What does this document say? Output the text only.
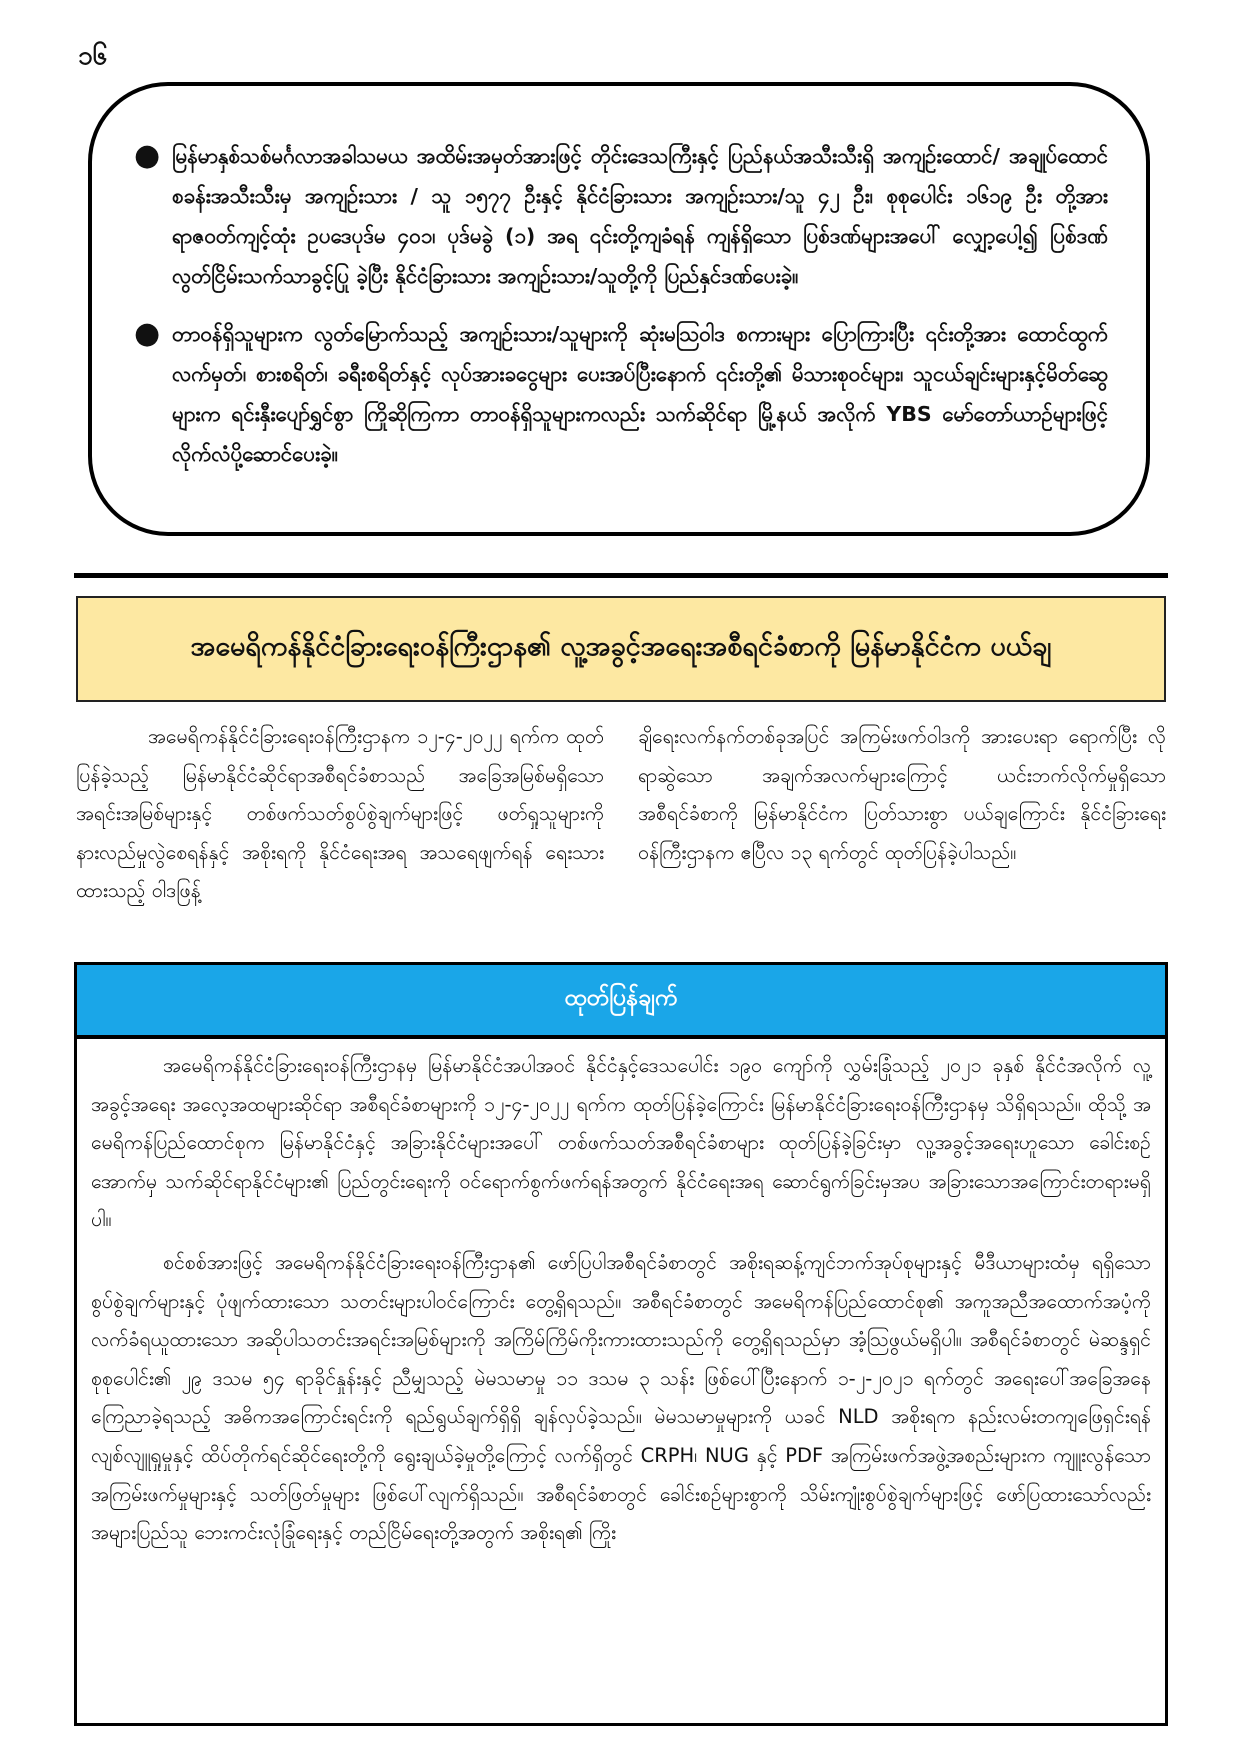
၁၆
● မြန်မာနှစ်သစ်မင်္ဂလာအခါသမယ အထိမ်းအမှတ်အားဖြင့် တိုင်းဒေသကြီးနှင့် ပြည်နယ်အသီးသီးရှိ အကျဉ်းထောင်/ အချုပ်ထောင် စခန်းအသီးသီးမှ အကျဉ်းသား / သူ ၁၅၇၇ ဦးနှင့် နိုင်ငံခြားသား အကျဉ်းသား/သူ ၄၂ ဦး၊ စုစုပေါင်း ၁၆၁၉ ဦး တို့အား ရာဇဝတ်ကျင့်ထုံး ဥပဒေပုဒ်မ ၄၀၁၊ ပုဒ်မခွဲ (၁) အရ ၎င်းတို့ကျခံရန် ကျန်ရှိသော ပြစ်ဒဏ်များအပေါ် လျှော့ပေါ့၍ ပြစ်ဒဏ်လွတ်ငြိမ်းသက်သာခွင့်ပြု ခဲ့ပြီး နိုင်ငံခြားသား အကျဉ်းသား/သူတို့ကို ပြည်နှင်ဒဏ်ပေးခဲ့။
● တာဝန်ရှိသူများက လွတ်မြောက်သည့် အကျဉ်းသား/သူများကို ဆုံးမသြဝါဒ စကားများ ပြောကြားပြီး ၎င်းတို့အား ထောင်ထွက်လက်မှတ်၊ စားစရိတ်၊ ခရီးစရိတ်နှင့် လုပ်အားခငွေများ ပေးအပ်ပြီးနောက် ၎င်းတို့၏ မိသားစုဝင်များ၊ သူငယ်ချင်းများနှင့်မိတ်ဆွေများက ရင်းနှီးပျော်ရွှင်စွာ ကြိုဆိုကြကာ တာဝန်ရှိသူများကလည်း သက်ဆိုင်ရာ မြို့နယ် အလိုက် YBS မော်တော်ယာဉ်များဖြင့် လိုက်လံပို့ဆောင်ပေးခဲ့။
အမေရိကန်နိုင်ငံခြားရေးဝန်ကြီးဌာန၏ လူ့အခွင့်အရေးအစီရင်ခံစာကို မြန်မာနိုင်ငံက ပယ်ချ
အမေရိကန်နိုင်ငံခြားရေးဝန်ကြီးဌာနက ၁၂-၄-၂၀၂၂ ရက်က ထုတ်ပြန်ခဲ့သည့် မြန်မာနိုင်ငံဆိုင်ရာအစီရင်ခံစာသည် အခြေအမြစ်မရှိသော အရင်းအမြစ်များနှင့် တစ်ဖက်သတ်စွပ်စွဲချက်များဖြင့် ဖတ်ရှုသူများကို နားလည်မှုလွဲစေရန်နှင့် အစိုးရကို နိုင်ငံရေးအရ အသရေဖျက်ရန် ရေးသားထားသည့် ဝါဒဖြန့်
ချိရေးလက်နက်တစ်ခုအပြင် အကြမ်းဖက်ဝါဒကို အားပေးရာ ရောက်ပြီး လိုရာဆွဲသော အချက်အလက်များကြောင့် ယင်းဘက်လိုက်မှုရှိသော အစီရင်ခံစာကို မြန်မာနိုင်ငံက ပြတ်သားစွာ ပယ်ချကြောင်း နိုင်ငံခြားရေးဝန်ကြီးဌာနက ဧပြီလ ၁၃ ရက်တွင် ထုတ်ပြန်ခဲ့ပါသည်။
ထုတ်ပြန်ချက်

အမေရိကန်နိုင်ငံခြားရေးဝန်ကြီးဌာနမှ မြန်မာနိုင်ငံအပါအဝင် နိုင်ငံနှင့်ဒေသပေါင်း ၁၉၀ ကျော်ကို လွှမ်းခြုံသည့် ၂၀၂၁ ခုနှစ် နိုင်ငံအလိုက် လူ့အခွင့်အရေး အလေ့အထများဆိုင်ရာ အစီရင်ခံစာများကို ၁၂-၄-၂၀၂၂ ရက်က ထုတ်ပြန်ခဲ့ကြောင်း မြန်မာနိုင်ငံခြားရေးဝန်ကြီးဌာနမှ သိရှိရသည်။ ထိုသို့ အမေရိကန်ပြည်ထောင်စုက မြန်မာနိုင်ငံနှင့် အခြားနိုင်ငံများအပေါ် တစ်ဖက်သတ်အစီရင်ခံစာများ ထုတ်ပြန်ခဲ့ခြင်းမှာ လူ့အခွင့်အရေးဟူသော ခေါင်းစဉ်အောက်မှ သက်ဆိုင်ရာနိုင်ငံများ၏ ပြည်တွင်းရေးကို ဝင်ရောက်စွက်ဖက်ရန်အတွက် နိုင်ငံရေးအရ ဆောင်ရွက်ခြင်းမှအပ အခြားသောအကြောင်းတရားမရှိပါ။

စင်စစ်အားဖြင့် အမေရိကန်နိုင်ငံခြားရေးဝန်ကြီးဌာန၏ ဖော်ပြပါအစီရင်ခံစာတွင် အစိုးရဆန့်ကျင်ဘက်အုပ်စုများနှင့် မီဒီယာများထံမှ ရရှိသော စွပ်စွဲချက်များနှင့် ပုံဖျက်ထားသော သတင်းများပါဝင်ကြောင်း တွေ့ရှိရသည်။ အစီရင်ခံစာတွင် အမေရိကန်ပြည်ထောင်စု၏ အကူအညီအထောက်အပံ့ကို လက်ခံရယူထားသော အဆိုပါသတင်းအရင်းအမြစ်များကို အကြိမ်ကြိမ်ကိုးကားထားသည်ကို တွေ့ရှိရသည်မှာ အံ့သြဖွယ်မရှိပါ။ အစီရင်ခံစာတွင် မဲဆန္ဒရှင်စုစုပေါင်း၏ ၂၉ ဒသမ ၅၄ ရာခိုင်နှုန်းနှင့် ညီမျှသည့် မဲမသမာမှု ၁၁ ဒသမ ၃ သန်း ဖြစ်ပေါ်ပြီးနောက် ၁-၂-၂၀၂၁ ရက်တွင် အရေးပေါ်အခြေအနေကြေညာခဲ့ရသည့် အဓိကအကြောင်းရင်းကို ရည်ရွယ်ချက်ရှိရှိ ချန်လှပ်ခဲ့သည်။ မဲမသမာမှုများကို ယခင် NLD အစိုးရက နည်းလမ်းတကျဖြေရှင်းရန် လျစ်လျူရှုမှုနှင့် ထိပ်တိုက်ရင်ဆိုင်ရေးတို့ကို ရွေးချယ်ခဲ့မှုတို့ကြောင့် လက်ရှိတွင် CRPH၊ NUG နှင့် PDF အကြမ်းဖက်အဖွဲ့အစည်းများက ကျူးလွန်သောအကြမ်းဖက်မှုများနှင့် သတ်ဖြတ်မှုများ ဖြစ်ပေါ်လျက်ရှိသည်။ အစီရင်ခံစာတွင် ခေါင်းစဉ်များစွာကို သိမ်းကျုံးစွပ်စွဲချက်များဖြင့် ဖော်ပြထားသော်လည်း အများပြည်သူ ဘေးကင်းလုံခြုံရေးနှင့် တည်ငြိမ်ရေးတို့အတွက် အစိုးရ၏ ကြိုး
